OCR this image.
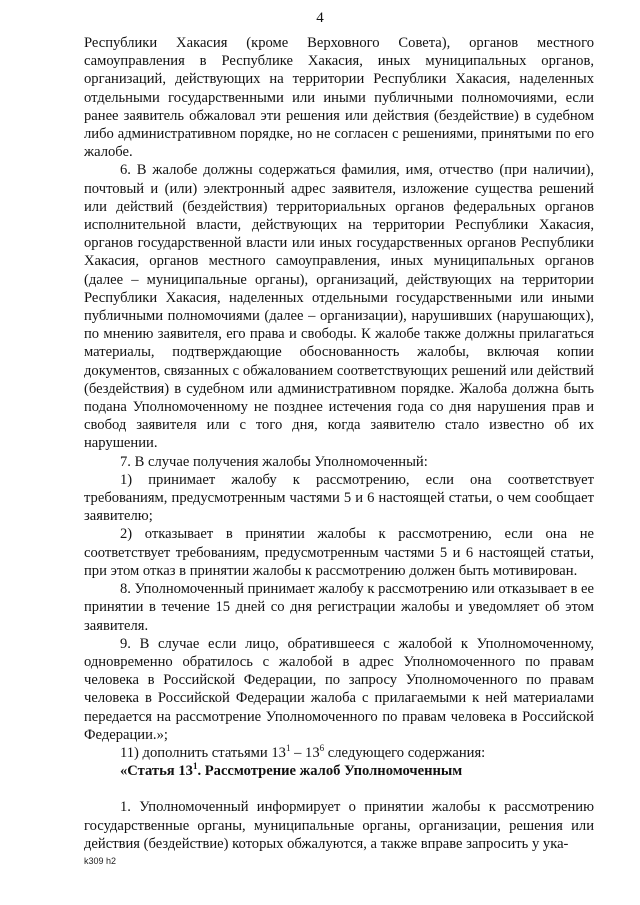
4

Республики Хакасия (кроме Верховного Совета), органов местного самоуправления в Республике Хакасия, иных муниципальных органов, организаций, действующих на территории Республики Хакасия, наделенных отдельными государственными или иными публичными полномочиями, если ранее заявитель обжаловал эти решения или действия (бездействие) в судебном либо административном порядке, но не согласен с решениями, принятыми по его жалобе.

6. В жалобе должны содержаться фамилия, имя, отчество (при наличии), почтовый и (или) электронный адрес заявителя, изложение существа решений или действий (бездействия) территориальных органов федеральных органов исполнительной власти, действующих на территории Республики Хакасия, органов государственной власти или иных государственных органов Республики Хакасия, органов местного самоуправления, иных муниципальных органов (далее – муниципальные органы), организаций, действующих на территории Республики Хакасия, наделенных отдельными государственными или иными публичными полномочиями (далее – организации), нарушивших (нарушающих), по мнению заявителя, его права и свободы. К жалобе также должны прилагаться материалы, подтверждающие обоснованность жалобы, включая копии документов, связанных с обжалованием соответствующих решений или действий (бездействия) в судебном или административном порядке. Жалоба должна быть подана Уполномоченному не позднее истечения года со дня нарушения прав и свобод заявителя или с того дня, когда заявителю стало известно об их нарушении.

7. В случае получения жалобы Уполномоченный:

1) принимает жалобу к рассмотрению, если она соответствует требованиям, предусмотренным частями 5 и 6 настоящей статьи, о чем сообщает заявителю;

2) отказывает в принятии жалобы к рассмотрению, если она не соответствует требованиям, предусмотренным частями 5 и 6 настоящей статьи, при этом отказ в принятии жалобы к рассмотрению должен быть мотивирован.

8. Уполномоченный принимает жалобу к рассмотрению или отказывает в ее принятии в течение 15 дней со дня регистрации жалобы и уведомляет об этом заявителя.

9. В случае если лицо, обратившееся с жалобой к Уполномоченному, одновременно обратилось с жалобой в адрес Уполномоченного по правам человека в Российской Федерации, по запросу Уполномоченного по правам человека в Российской Федерации жалоба с прилагаемыми к ней материалами передается на рассмотрение Уполномоченного по правам человека в Российской Федерации.»;

11) дополнить статьями $13^1 - 13^6$ следующего содержания:

«Статья $13^1$. Рассмотрение жалоб Уполномоченным

1. Уполномоченный информирует о принятии жалобы к рассмотрению государственные органы, муниципальные органы, организации, решения или действия (бездействие) которых обжалуются, а также вправе запросить у ука-

k309 h2
